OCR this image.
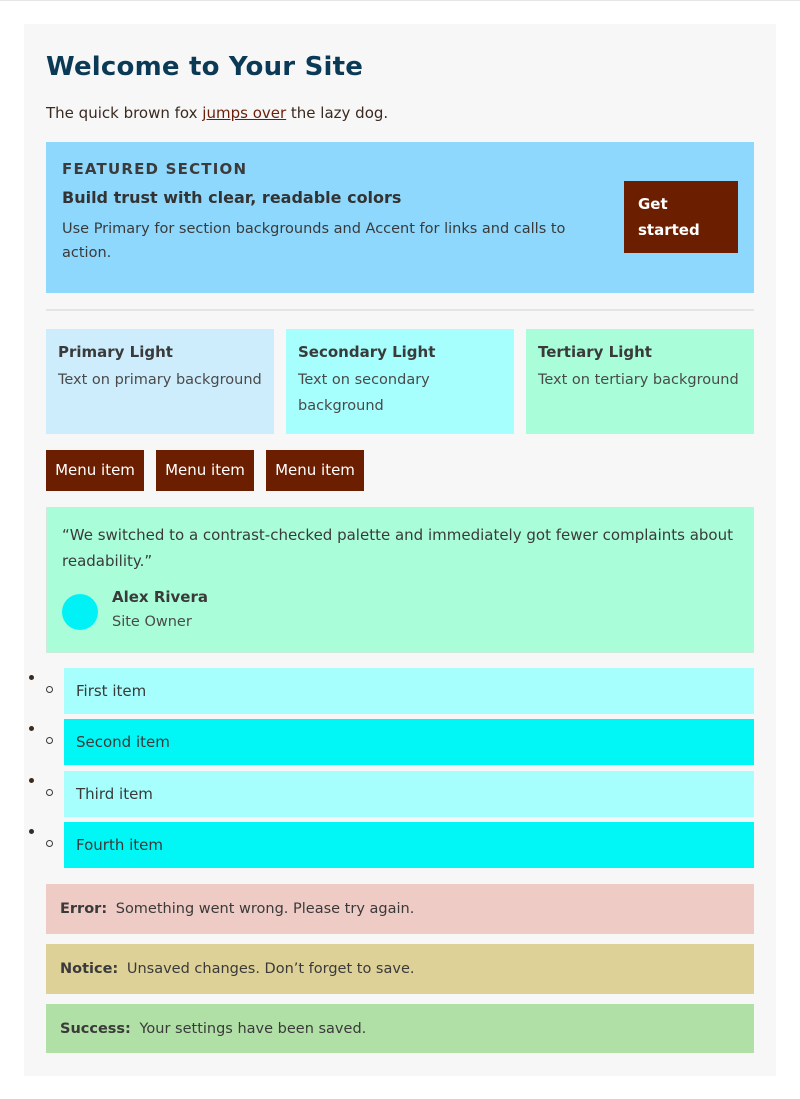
Welcome to Your Site

The quick brown fox jumps over the lazy dog.

FEATURED SECTION
Build trust with clear, readable colors
Use Primary for section backgrounds and Accent for links and calls to action.
Get started
Primary Light

Text on primary background

Secondary Light

Text on secondary background

Tertiary Light

Text on tertiary background

Menu item	Menu item	Menu item

“We switched to a contrast-checked palette and immediately got fewer complaints about readability.”

Alex Rivera
Site Owner
• First item
• Second item
• Third item
• Fourth item
Error: Something went wrong. Please try again.
Notice: Unsaved changes. Don’t forget to save.
Success: Your settings have been saved.
